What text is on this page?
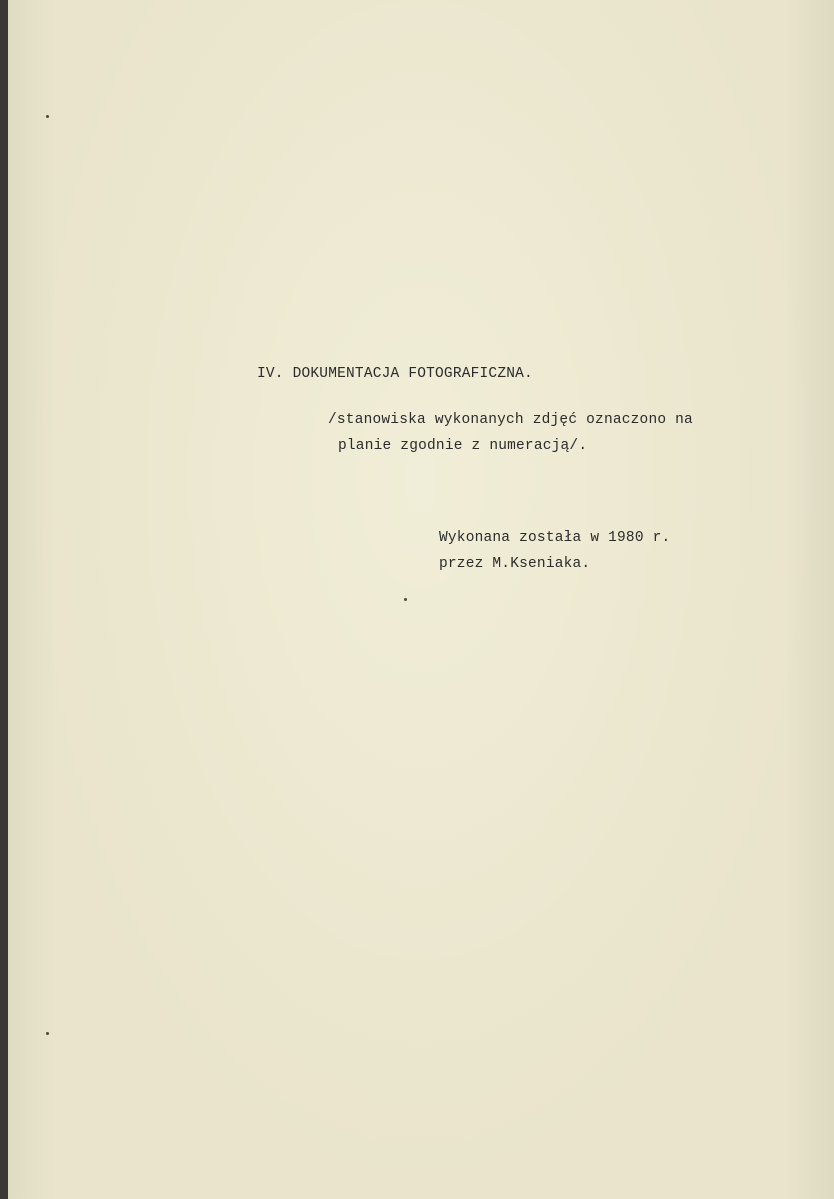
IV. DOKUMENTACJA FOTOGRAFICZNA.
/stanowiska wykonanych zdjęć oznaczono na
planie zgodnie z numeracją/.
Wykonana została w 1980 r.
przez M.Kseniaka.
